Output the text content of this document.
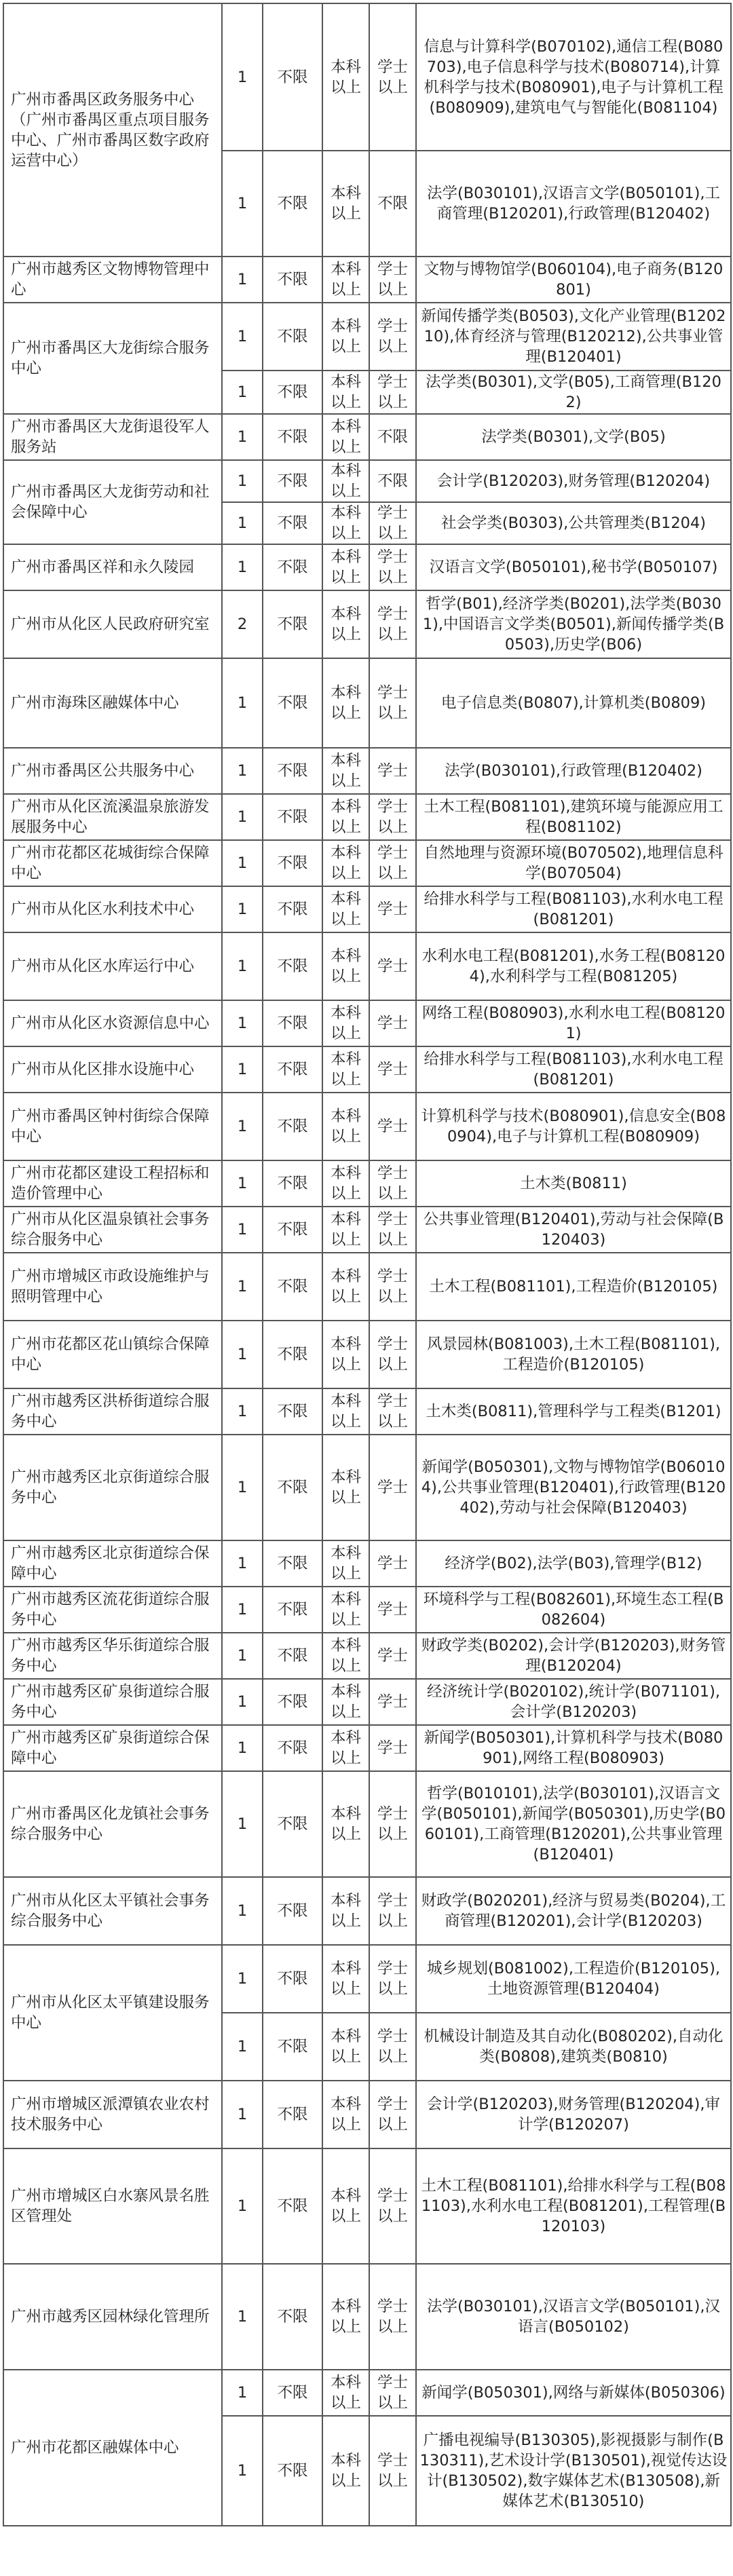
广州市番禺区政务服务中心（广州市番禺区重点项目服务中心、广州市番禺区数字政府运营中心）	1	不限	本科以上	学士以上	信息与计算科学(B070102),通信工程(B080703),电子信息科学与技术(B080714),计算机科学与技术(B080901),电子与计算机工程(B080909),建筑电气与智能化(B081104)
	1	不限	本科以上	不限	法学(B030101),汉语言文学(B050101),工商管理(B120201),行政管理(B120402)
广州市越秀区文物博物管理中心	1	不限	本科以上	学士以上	文物与博物馆学(B060104),电子商务(B120801)
广州市番禺区大龙街综合服务中心	1	不限	本科以上	学士以上	新闻传播学类(B0503),文化产业管理(B120210),体育经济与管理(B120212),公共事业管理(B120401)
	1	不限	本科以上	学士以上	法学类(B0301),文学(B05),工商管理(B1202)
广州市番禺区大龙街退役军人服务站	1	不限	本科以上	不限	法学类(B0301),文学(B05)
广州市番禺区大龙街劳动和社会保障中心	1	不限	本科以上	不限	会计学(B120203),财务管理(B120204)
	1	不限	本科以上	学士以上	社会学类(B0303),公共管理类(B1204)
广州市番禺区祥和永久陵园	1	不限	本科以上	学士以上	汉语言文学(B050101),秘书学(B050107)
广州市从化区人民政府研究室	2	不限	本科以上	学士以上	哲学(B01),经济学类(B0201),法学类(B0301),中国语言文学类(B0501),新闻传播学类(B0503),历史学(B06)
广州市海珠区融媒体中心	1	不限	本科以上	学士以上	电子信息类(B0807),计算机类(B0809)
广州市番禺区公共服务中心	1	不限	本科以上	学士	法学(B030101),行政管理(B120402)
广州市从化区流溪温泉旅游发展服务中心	1	不限	本科以上	学士以上	土木工程(B081101),建筑环境与能源应用工程(B081102)
广州市花都区花城街综合保障中心	1	不限	本科以上	学士以上	自然地理与资源环境(B070502),地理信息科学(B070504)
广州市从化区水利技术中心	1	不限	本科以上	学士	给排水科学与工程(B081103),水利水电工程(B081201)
广州市从化区水库运行中心	1	不限	本科以上	学士	水利水电工程(B081201),水务工程(B081204),水利科学与工程(B081205)
广州市从化区水资源信息中心	1	不限	本科以上	学士	网络工程(B080903),水利水电工程(B081201)
广州市从化区排水设施中心	1	不限	本科以上	学士	给排水科学与工程(B081103),水利水电工程(B081201)
广州市番禺区钟村街综合保障中心	1	不限	本科以上	学士	计算机科学与技术(B080901),信息安全(B080904),电子与计算机工程(B080909)
广州市花都区建设工程招标和造价管理中心	1	不限	本科以上	学士以上	土木类(B0811)
广州市从化区温泉镇社会事务综合服务中心	1	不限	本科以上	学士以上	公共事业管理(B120401),劳动与社会保障(B120403)
广州市增城区市政设施维护与照明管理中心	1	不限	本科以上	学士以上	土木工程(B081101),工程造价(B120105)
广州市花都区花山镇综合保障中心	1	不限	本科以上	学士以上	风景园林(B081003),土木工程(B081101),工程造价(B120105)
广州市越秀区洪桥街道综合服务中心	1	不限	本科以上	学士以上	土木类(B0811),管理科学与工程类(B1201)
广州市越秀区北京街道综合服务中心	1	不限	本科以上	学士	新闻学(B050301),文物与博物馆学(B060104),公共事业管理(B120401),行政管理(B120402),劳动与社会保障(B120403)
广州市越秀区北京街道综合保障中心	1	不限	本科以上	学士	经济学(B02),法学(B03),管理学(B12)
广州市越秀区流花街道综合服务中心	1	不限	本科以上	学士	环境科学与工程(B082601),环境生态工程(B082604)
广州市越秀区华乐街道综合服务中心	1	不限	本科以上	学士	财政学类(B0202),会计学(B120203),财务管理(B120204)
广州市越秀区矿泉街道综合服务中心	1	不限	本科以上	学士	经济统计学(B020102),统计学(B071101),会计学(B120203)
广州市越秀区矿泉街道综合保障中心	1	不限	本科以上	学士	新闻学(B050301),计算机科学与技术(B080901),网络工程(B080903)
广州市番禺区化龙镇社会事务综合服务中心	1	不限	本科以上	学士以上	哲学(B010101),法学(B030101),汉语言文学(B050101),新闻学(B050301),历史学(B060101),工商管理(B120201),公共事业管理(B120401)
广州市从化区太平镇社会事务综合服务中心	1	不限	本科以上	学士以上	财政学(B020201),经济与贸易类(B0204),工商管理(B120201),会计学(B120203)
广州市从化区太平镇建设服务中心	1	不限	本科以上	学士以上	城乡规划(B081002),工程造价(B120105),土地资源管理(B120404)
	1	不限	本科以上	学士以上	机械设计制造及其自动化(B080202),自动化类(B0808),建筑类(B0810)
广州市增城区派潭镇农业农村技术服务中心	1	不限	本科以上	学士以上	会计学(B120203),财务管理(B120204),审计学(B120207)
广州市增城区白水寨风景名胜区管理处	1	不限	本科以上	学士以上	土木工程(B081101),给排水科学与工程(B081103),水利水电工程(B081201),工程管理(B120103)
广州市越秀区园林绿化管理所	1	不限	本科以上	学士以上	法学(B030101),汉语言文学(B050101),汉语言(B050102)
广州市花都区融媒体中心	1	不限	本科以上	学士以上	新闻学(B050301),网络与新媒体(B050306)
	1	不限	本科以上	学士以上	广播电视编导(B130305),影视摄影与制作(B130311),艺术设计学(B130501),视觉传达设计(B130502),数字媒体艺术(B130508),新媒体艺术(B130510)
